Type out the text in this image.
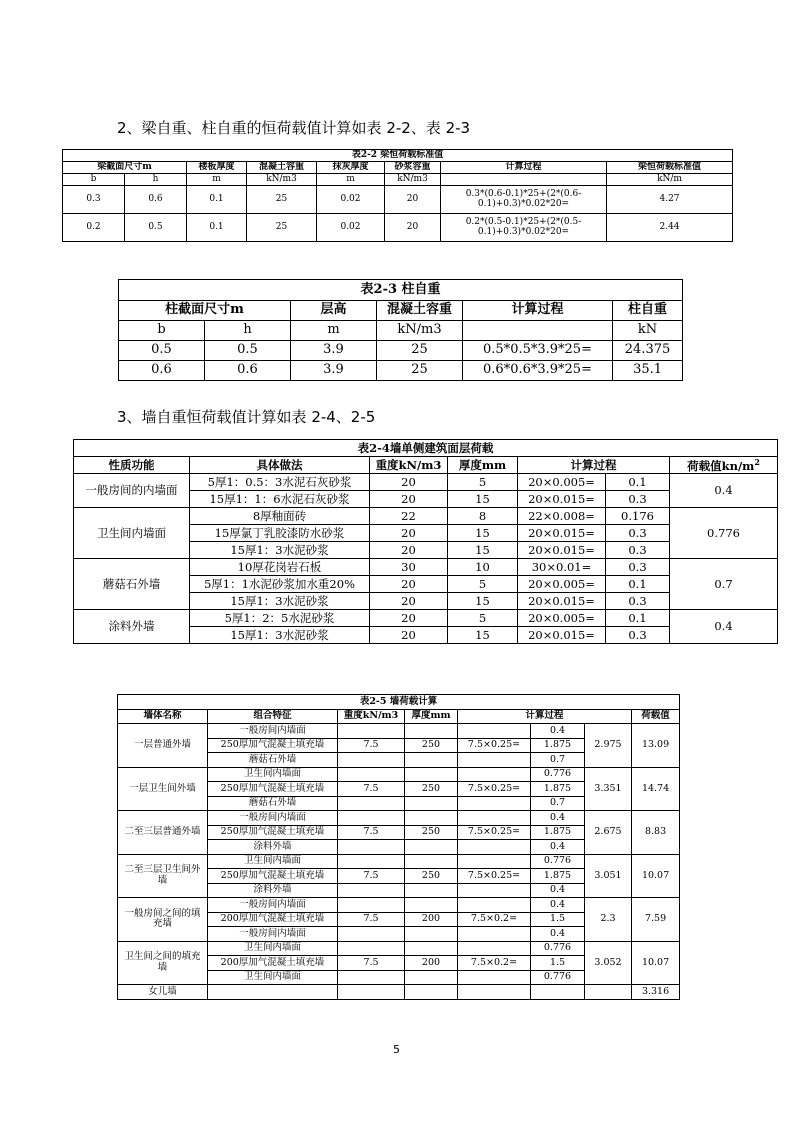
2、梁自重、柱自重的恒荷载值计算如表 2-2、表 2-3
表2-2 梁恒荷载标准值							
梁截面尺寸m		楼板厚度	混凝土容重	抹灰厚度	砂浆容重	计算过程	梁恒荷载标准值
b	h	m	kN/m3	m	kN/m3		kN/m
0.3	0.6	0.1	25	0.02	20	0.3*(0.6-0.1)*25+(2*(0.6-0.1)+0.3)*0.02*20=	4.27
0.2	0.5	0.1	25	0.02	20	0.2*(0.5-0.1)*25+(2*(0.5-0.1)+0.3)*0.02*20=	2.44
表2-3 柱自重					
柱截面尺寸m		层高	混凝土容重	计算过程	柱自重
b	h	m	kN/m3		kN
0.5	0.5	3.9	25	0.5*0.5*3.9*25=	24.375
0.6	0.6	3.9	25	0.6*0.6*3.9*25=	35.1
3、墙自重恒荷载值计算如表 2-4、2-5
表2-4墙单侧建筑面层荷载						
性质功能	具体做法	重度kN/m3	厚度mm	计算过程		荷载值$kn/m^2$
一般房间的内墙面	5厚1：0.5：3水泥石灰砂浆	20	5	20×0.005=	0.1	0.4
	15厚1：1：6水泥石灰砂浆	20	15	20×0.015=	0.3	
卫生间内墙面	8厚釉面砖	22	8	22×0.008=	0.176	0.776
	15厚氯丁乳胶漆防水砂浆	20	15	20×0.015=	0.3	
	15厚1：3水泥砂浆	20	15	20×0.015=	0.3	
蘑菇石外墙	10厚花岗岩石板	30	10	30×0.01=	0.3	0.7
	5厚1：1水泥砂浆加水重20%	20	5	20×0.005=	0.1	
	15厚1：3水泥砂浆	20	15	20×0.015=	0.3	
涂料外墙	5厚1：2：5水泥砂浆	20	5	20×0.005=	0.1	0.4
	15厚1：3水泥砂浆	20	15	20×0.015=	0.3	
表2-5 墙荷载计算							
墙体名称	组合特征	重度kN/m3	厚度mm	计算过程			荷载值
一层普通外墙	一般房间内墙面				0.4	2.975	13.09
	250厚加气混凝土填充墙	7.5	250	7.5×0.25=	1.875		
	蘑菇石外墙				0.7		
一层卫生间外墙	卫生间内墙面				0.776	3.351	14.74
	250厚加气混凝土填充墙	7.5	250	7.5×0.25=	1.875		
	蘑菇石外墙				0.7		
二至三层普通外墙	一般房间内墙面				0.4	2.675	8.83
	250厚加气混凝土填充墙	7.5	250	7.5×0.25=	1.875		
	涂料外墙				0.4		
二至三层卫生间外墙	卫生间内墙面				0.776	3.051	10.07
	250厚加气混凝土填充墙	7.5	250	7.5×0.25=	1.875		
	涂料外墙				0.4		
一般房间之间的填充墙	一般房间内墙面				0.4	2.3	7.59
	200厚加气混凝土填充墙	7.5	200	7.5×0.2=	1.5		
	一般房间内墙面				0.4		
卫生间之间的填充墙	卫生间内墙面				0.776	3.052	10.07
	200厚加气混凝土填充墙	7.5	200	7.5×0.2=	1.5		
	卫生间内墙面				0.776		
女儿墙							3.316
5
